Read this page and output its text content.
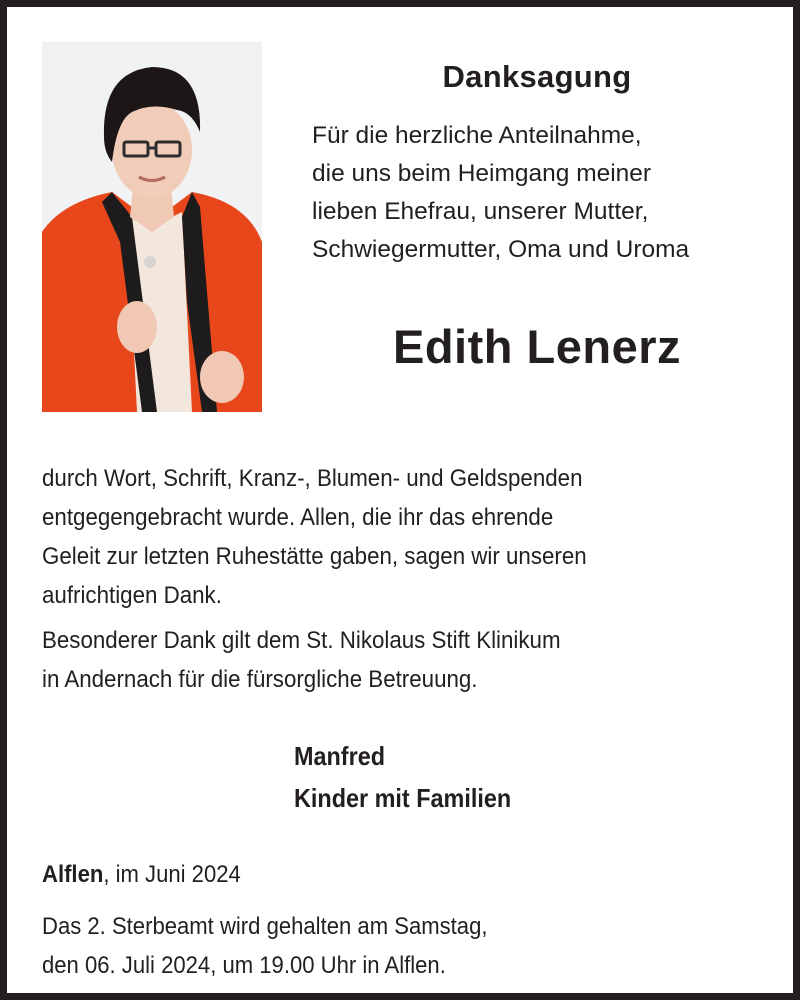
Danksagung
Für die herzliche Anteilnahme,
die uns beim Heimgang meiner
lieben Ehefrau, unserer Mutter,
Schwiegermutter, Oma und Uroma
Edith Lenerz
durch Wort, Schrift, Kranz-, Blumen- und Geldspenden
entgegengebracht wurde. Allen, die ihr das ehrende
Geleit zur letzten Ruhestätte gaben, sagen wir unseren
aufrichtigen Dank.
Besonderer Dank gilt dem St. Nikolaus Stift Klinikum
in Andernach für die fürsorgliche Betreuung.
Manfred
Kinder mit Familien
Alflen, im Juni 2024
Das 2. Sterbeamt wird gehalten am Samstag,
den 06. Juli 2024, um 19.00 Uhr in Alflen.
